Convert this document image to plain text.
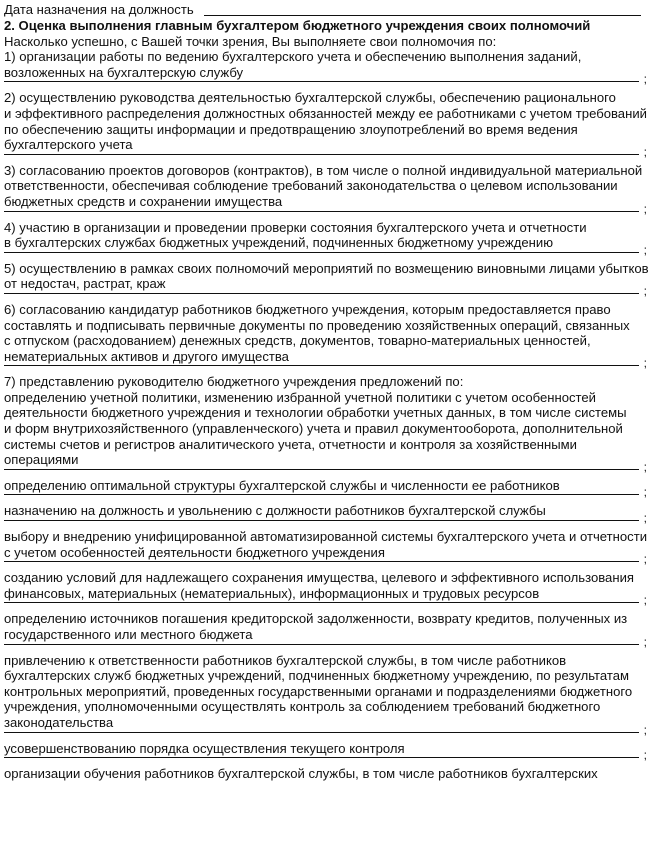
Дата назначения на должность
2. Оценка выполнения главным бухгалтером бюджетного учреждения своих полномочий
Насколько успешно, с Вашей точки зрения, Вы выполняете свои полномочия по:
1) организации работы по ведению бухгалтерского учета и обеспечению выполнения заданий,
возложенных на бухгалтерскую службу	;
2) осуществлению руководства деятельностью бухгалтерской службы, обеспечению рационального
и эффективного распределения должностных обязанностей между ее работниками с учетом требований
по обеспечению защиты информации и предотвращению злоупотреблений во время ведения
бухгалтерского учета	;
3) согласованию проектов договоров (контрактов), в том числе о полной индивидуальной материальной
ответственности, обеспечивая соблюдение требований законодательства о целевом использовании
бюджетных средств и сохранении имущества	;
4) участию в организации и проведении проверки состояния бухгалтерского учета и отчетности
в бухгалтерских службах бюджетных учреждений, подчиненных бюджетному учреждению	;
5) осуществлению в рамках своих полномочий мероприятий по возмещению виновными лицами убытков
от недостач, растрат, краж	;
6) согласованию кандидатур работников бюджетного учреждения, которым предоставляется право
составлять и подписывать первичные документы по проведению хозяйственных операций, связанных
с отпуском (расходованием) денежных средств, документов, товарно-материальных ценностей,
нематериальных активов и другого имущества	;
7) представлению руководителю бюджетного учреждения предложений по:
определению учетной политики, изменению избранной учетной политики с учетом особенностей
деятельности бюджетного учреждения и технологии обработки учетных данных, в том числе системы
и форм внутрихозяйственного (управленческого) учета и правил документооборота, дополнительной
системы счетов и регистров аналитического учета, отчетности и контроля за хозяйственными
операциями	;
определению оптимальной структуры бухгалтерской службы и численности ее работников	;
назначению на должность и увольнению с должности работников бухгалтерской службы	;
выбору и внедрению унифицированной автоматизированной системы бухгалтерского учета и отчетности
с учетом особенностей деятельности бюджетного учреждения	;
созданию условий для надлежащего сохранения имущества, целевого и эффективного использования
финансовых, материальных (нематериальных), информационных и трудовых ресурсов	;
определению источников погашения кредиторской задолженности, возврату кредитов, полученных из
государственного или местного бюджета	;
привлечению к ответственности работников бухгалтерской службы, в том числе работников
бухгалтерских служб бюджетных учреждений, подчиненных бюджетному учреждению, по результатам
контрольных мероприятий, проведенных государственными органами и подразделениями бюджетного
учреждения, уполномоченными осуществлять контроль за соблюдением требований бюджетного
законодательства	;
усовершенствованию порядка осуществления текущего контроля	;
организации обучения работников бухгалтерской службы, в том числе работников бухгалтерских
